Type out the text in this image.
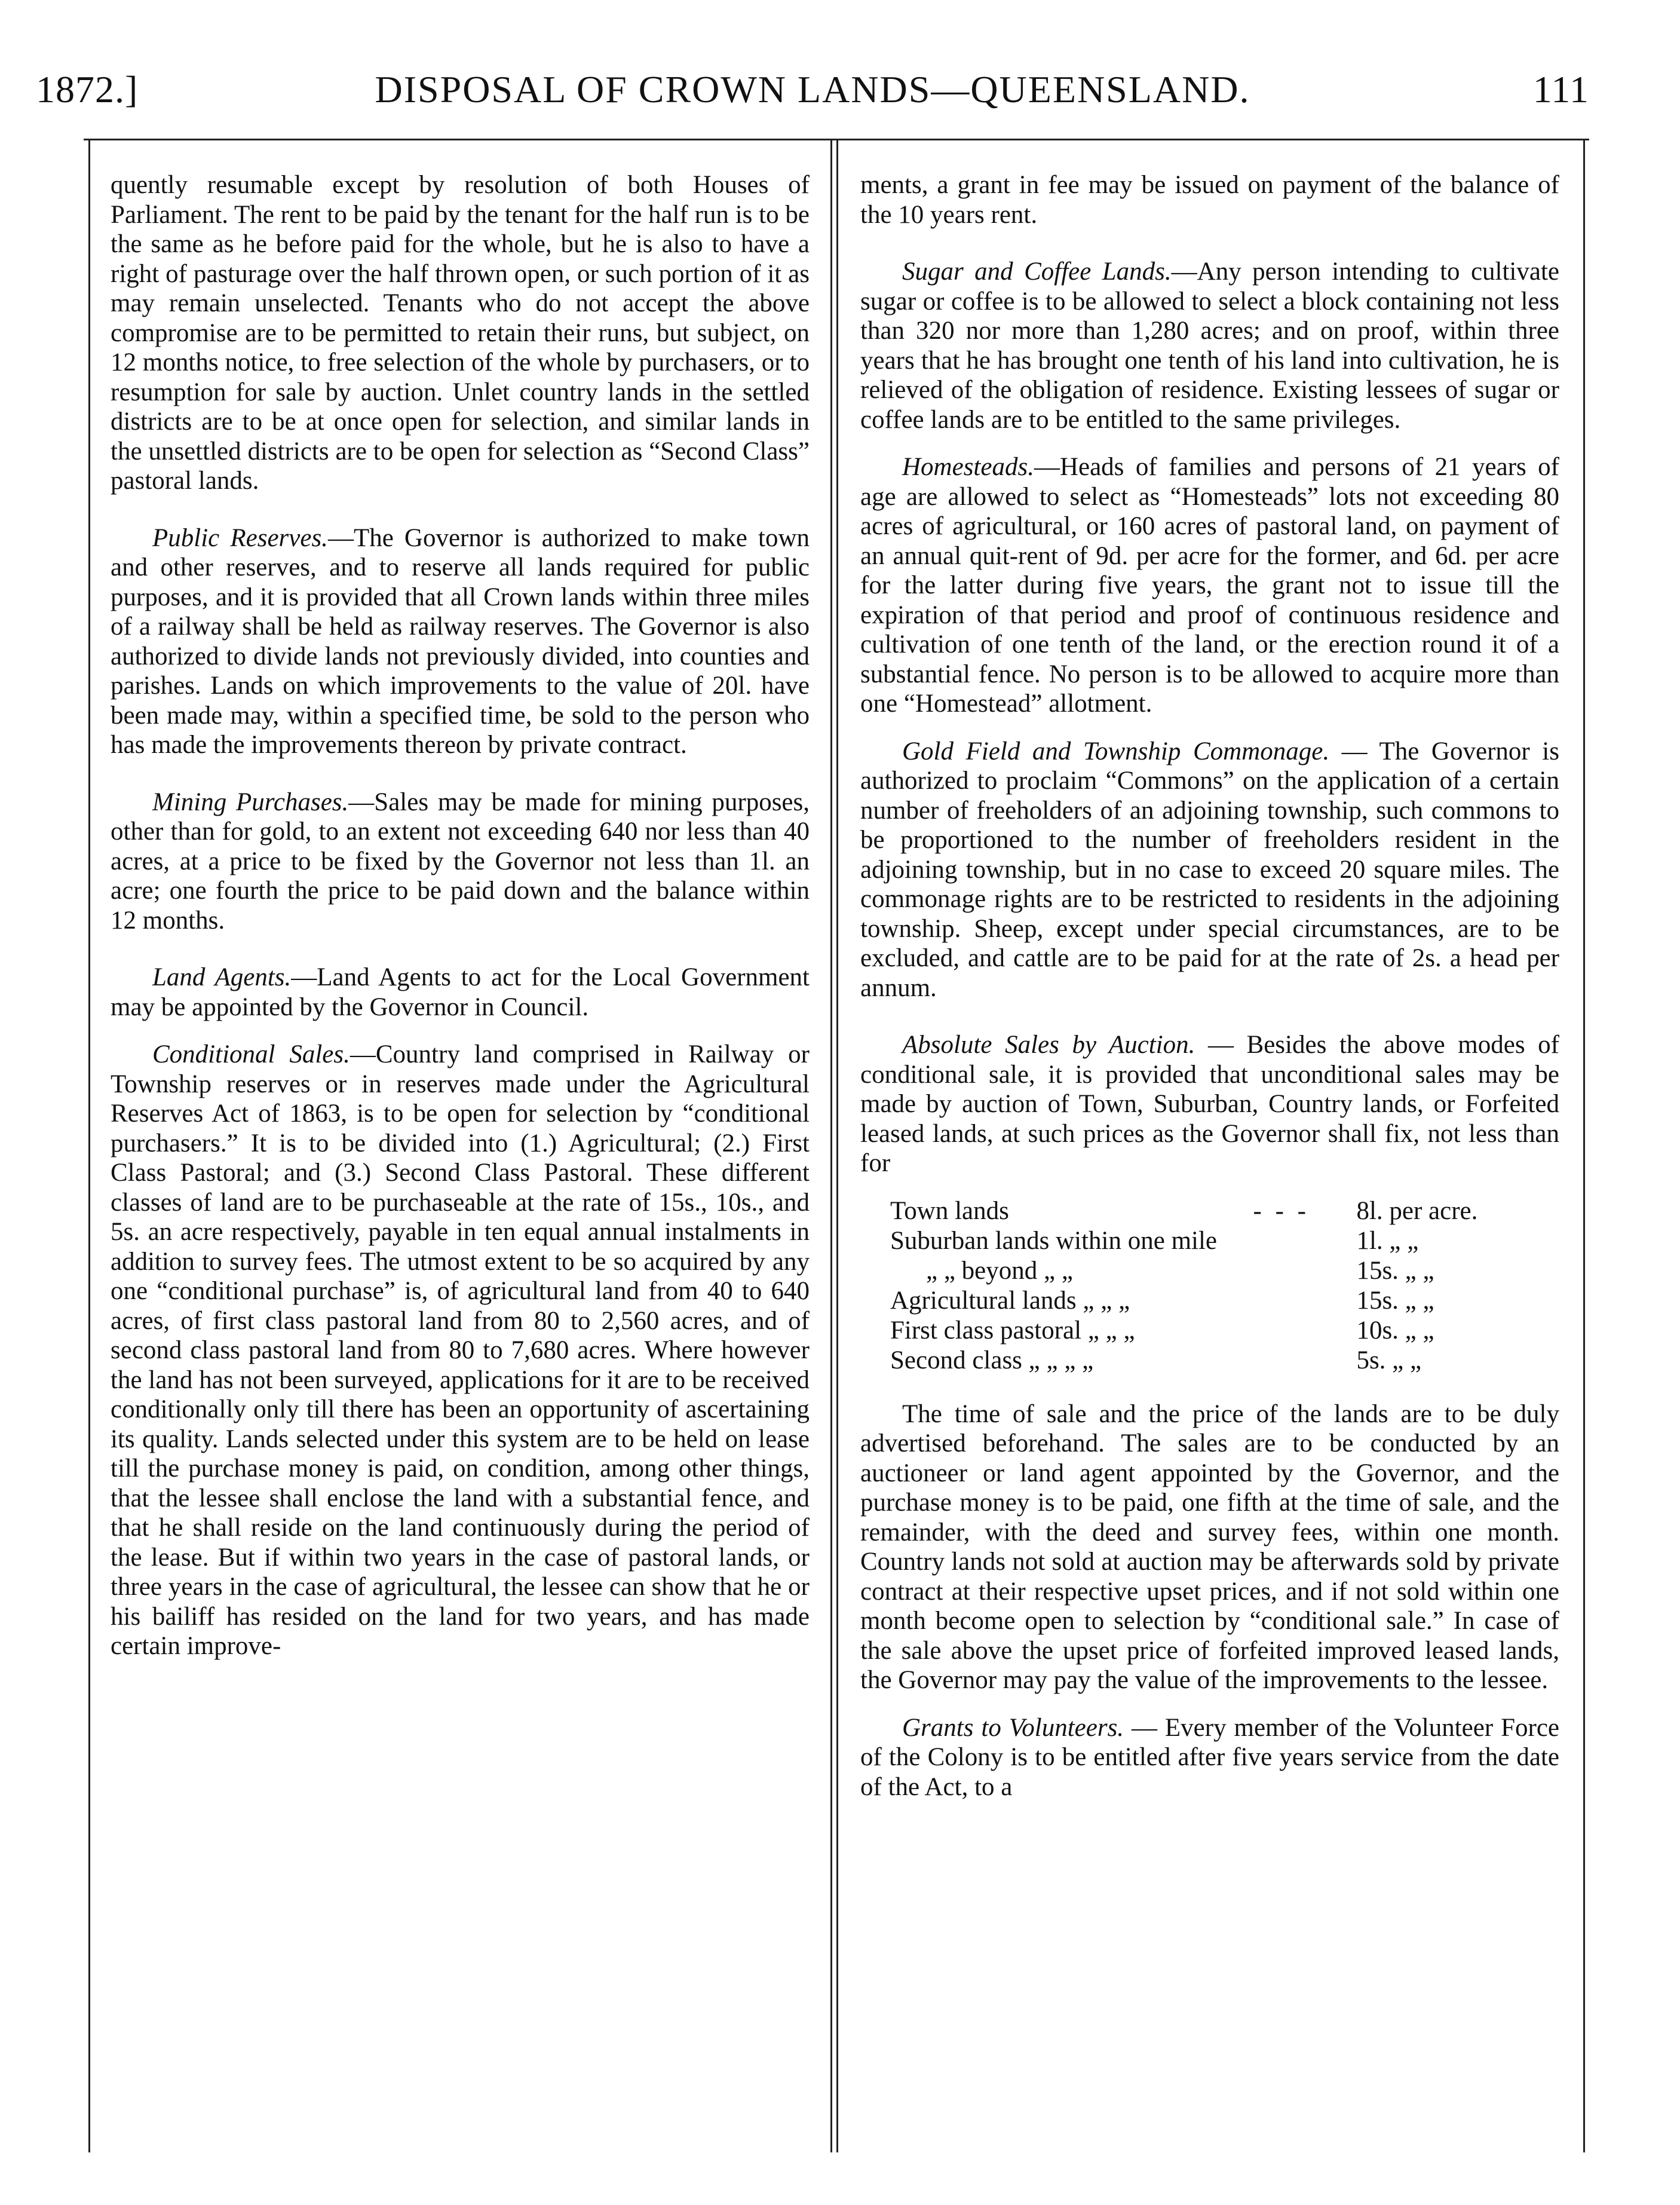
1872.]	DISPOSAL OF CROWN LANDS—QUEENSLAND.	111

quently resumable except by resolution of both Houses of Parliament. The rent to be paid by the tenant for the half run is to be the same as he before paid for the whole, but he is also to have a right of pasturage over the half thrown open, or such portion of it as may remain unselected. Tenants who do not accept the above compromise are to be permitted to retain their runs, but subject, on 12 months notice, to free selection of the whole by purchasers, or to resumption for sale by auction. Unlet country lands in the settled districts are to be at once open for selection, and similar lands in the unsettled districts are to be open for selection as “Second Class” pastoral lands.

Public Reserves.—The Governor is authorized to make town and other reserves, and to reserve all lands required for public purposes, and it is provided that all Crown lands within three miles of a railway shall be held as railway reserves. The Governor is also authorized to divide lands not previously divided, into counties and parishes. Lands on which improvements to the value of 20l. have been made may, within a specified time, be sold to the person who has made the improvements thereon by private contract.

Mining Purchases.—Sales may be made for mining purposes, other than for gold, to an extent not exceeding 640 nor less than 40 acres, at a price to be fixed by the Governor not less than 1l. an acre; one fourth the price to be paid down and the balance within 12 months.

Land Agents.—Land Agents to act for the Local Government may be appointed by the Governor in Council.

Conditional Sales.—Country land comprised in Railway or Township reserves or in reserves made under the Agricultural Reserves Act of 1863, is to be open for selection by “conditional purchasers.” It is to be divided into (1.) Agricultural; (2.) First Class Pastoral; and (3.) Second Class Pastoral. These different classes of land are to be purchaseable at the rate of 15s., 10s., and 5s. an acre respectively, payable in ten equal annual instalments in addition to survey fees. The utmost extent to be so acquired by any one “conditional purchase” is, of agricultural land from 40 to 640 acres, of first class pastoral land from 80 to 2,560 acres, and of second class pastoral land from 80 to 7,680 acres. Where however the land has not been surveyed, applications for it are to be received conditionally only till there has been an opportunity of ascertaining its quality. Lands selected under this system are to be held on lease till the purchase money is paid, on condition, among other things, that the lessee shall enclose the land with a substantial fence, and that he shall reside on the land continuously during the period of the lease. But if within two years in the case of pastoral lands, or three years in the case of agricultural, the lessee can show that he or his bailiff has resided on the land for two years, and has made certain improve-

ments, a grant in fee may be issued on payment of the balance of the 10 years rent.

Sugar and Coffee Lands.—Any person intending to cultivate sugar or coffee is to be allowed to select a block containing not less than 320 nor more than 1,280 acres; and on proof, within three years that he has brought one tenth of his land into cultivation, he is relieved of the obligation of residence. Existing lessees of sugar or coffee lands are to be entitled to the same privileges.

Homesteads.—Heads of families and persons of 21 years of age are allowed to select as “Homesteads” lots not exceeding 80 acres of agricultural, or 160 acres of pastoral land, on payment of an annual quit-rent of 9d. per acre for the former, and 6d. per acre for the latter during five years, the grant not to issue till the expiration of that period and proof of continuous residence and cultivation of one tenth of the land, or the erection round it of a substantial fence. No person is to be allowed to acquire more than one “Homestead” allotment.

Gold Field and Township Commonage. — The Governor is authorized to proclaim “Commons” on the application of a certain number of freeholders of an adjoining township, such commons to be proportioned to the number of freeholders resident in the adjoining township, but in no case to exceed 20 square miles. The commonage rights are to be restricted to residents in the adjoining township. Sheep, except under special circumstances, are to be excluded, and cattle are to be paid for at the rate of 2s. a head per annum.

Absolute Sales by Auction. — Besides the above modes of conditional sale, it is provided that unconditional sales may be made by auction of Town, Suburban, Country lands, or Forfeited leased lands, at such prices as the Governor shall fix, not less than for

Town lands	- - -	8l. per acre.
Suburban lands within one mile		1l. „ „
„ „ beyond „ „		15s. „ „
Agricultural lands „ „ „		15s. „ „
First class pastoral „ „ „		10s. „ „
Second class „ „ „ „		5s. „ „

The time of sale and the price of the lands are to be duly advertised beforehand. The sales are to be conducted by an auctioneer or land agent appointed by the Governor, and the purchase money is to be paid, one fifth at the time of sale, and the remainder, with the deed and survey fees, within one month. Country lands not sold at auction may be afterwards sold by private contract at their respective upset prices, and if not sold within one month become open to selection by “conditional sale.” In case of the sale above the upset price of forfeited improved leased lands, the Governor may pay the value of the improvements to the lessee.

Grants to Volunteers. — Every member of the Volunteer Force of the Colony is to be entitled after five years service from the date of the Act, to a
